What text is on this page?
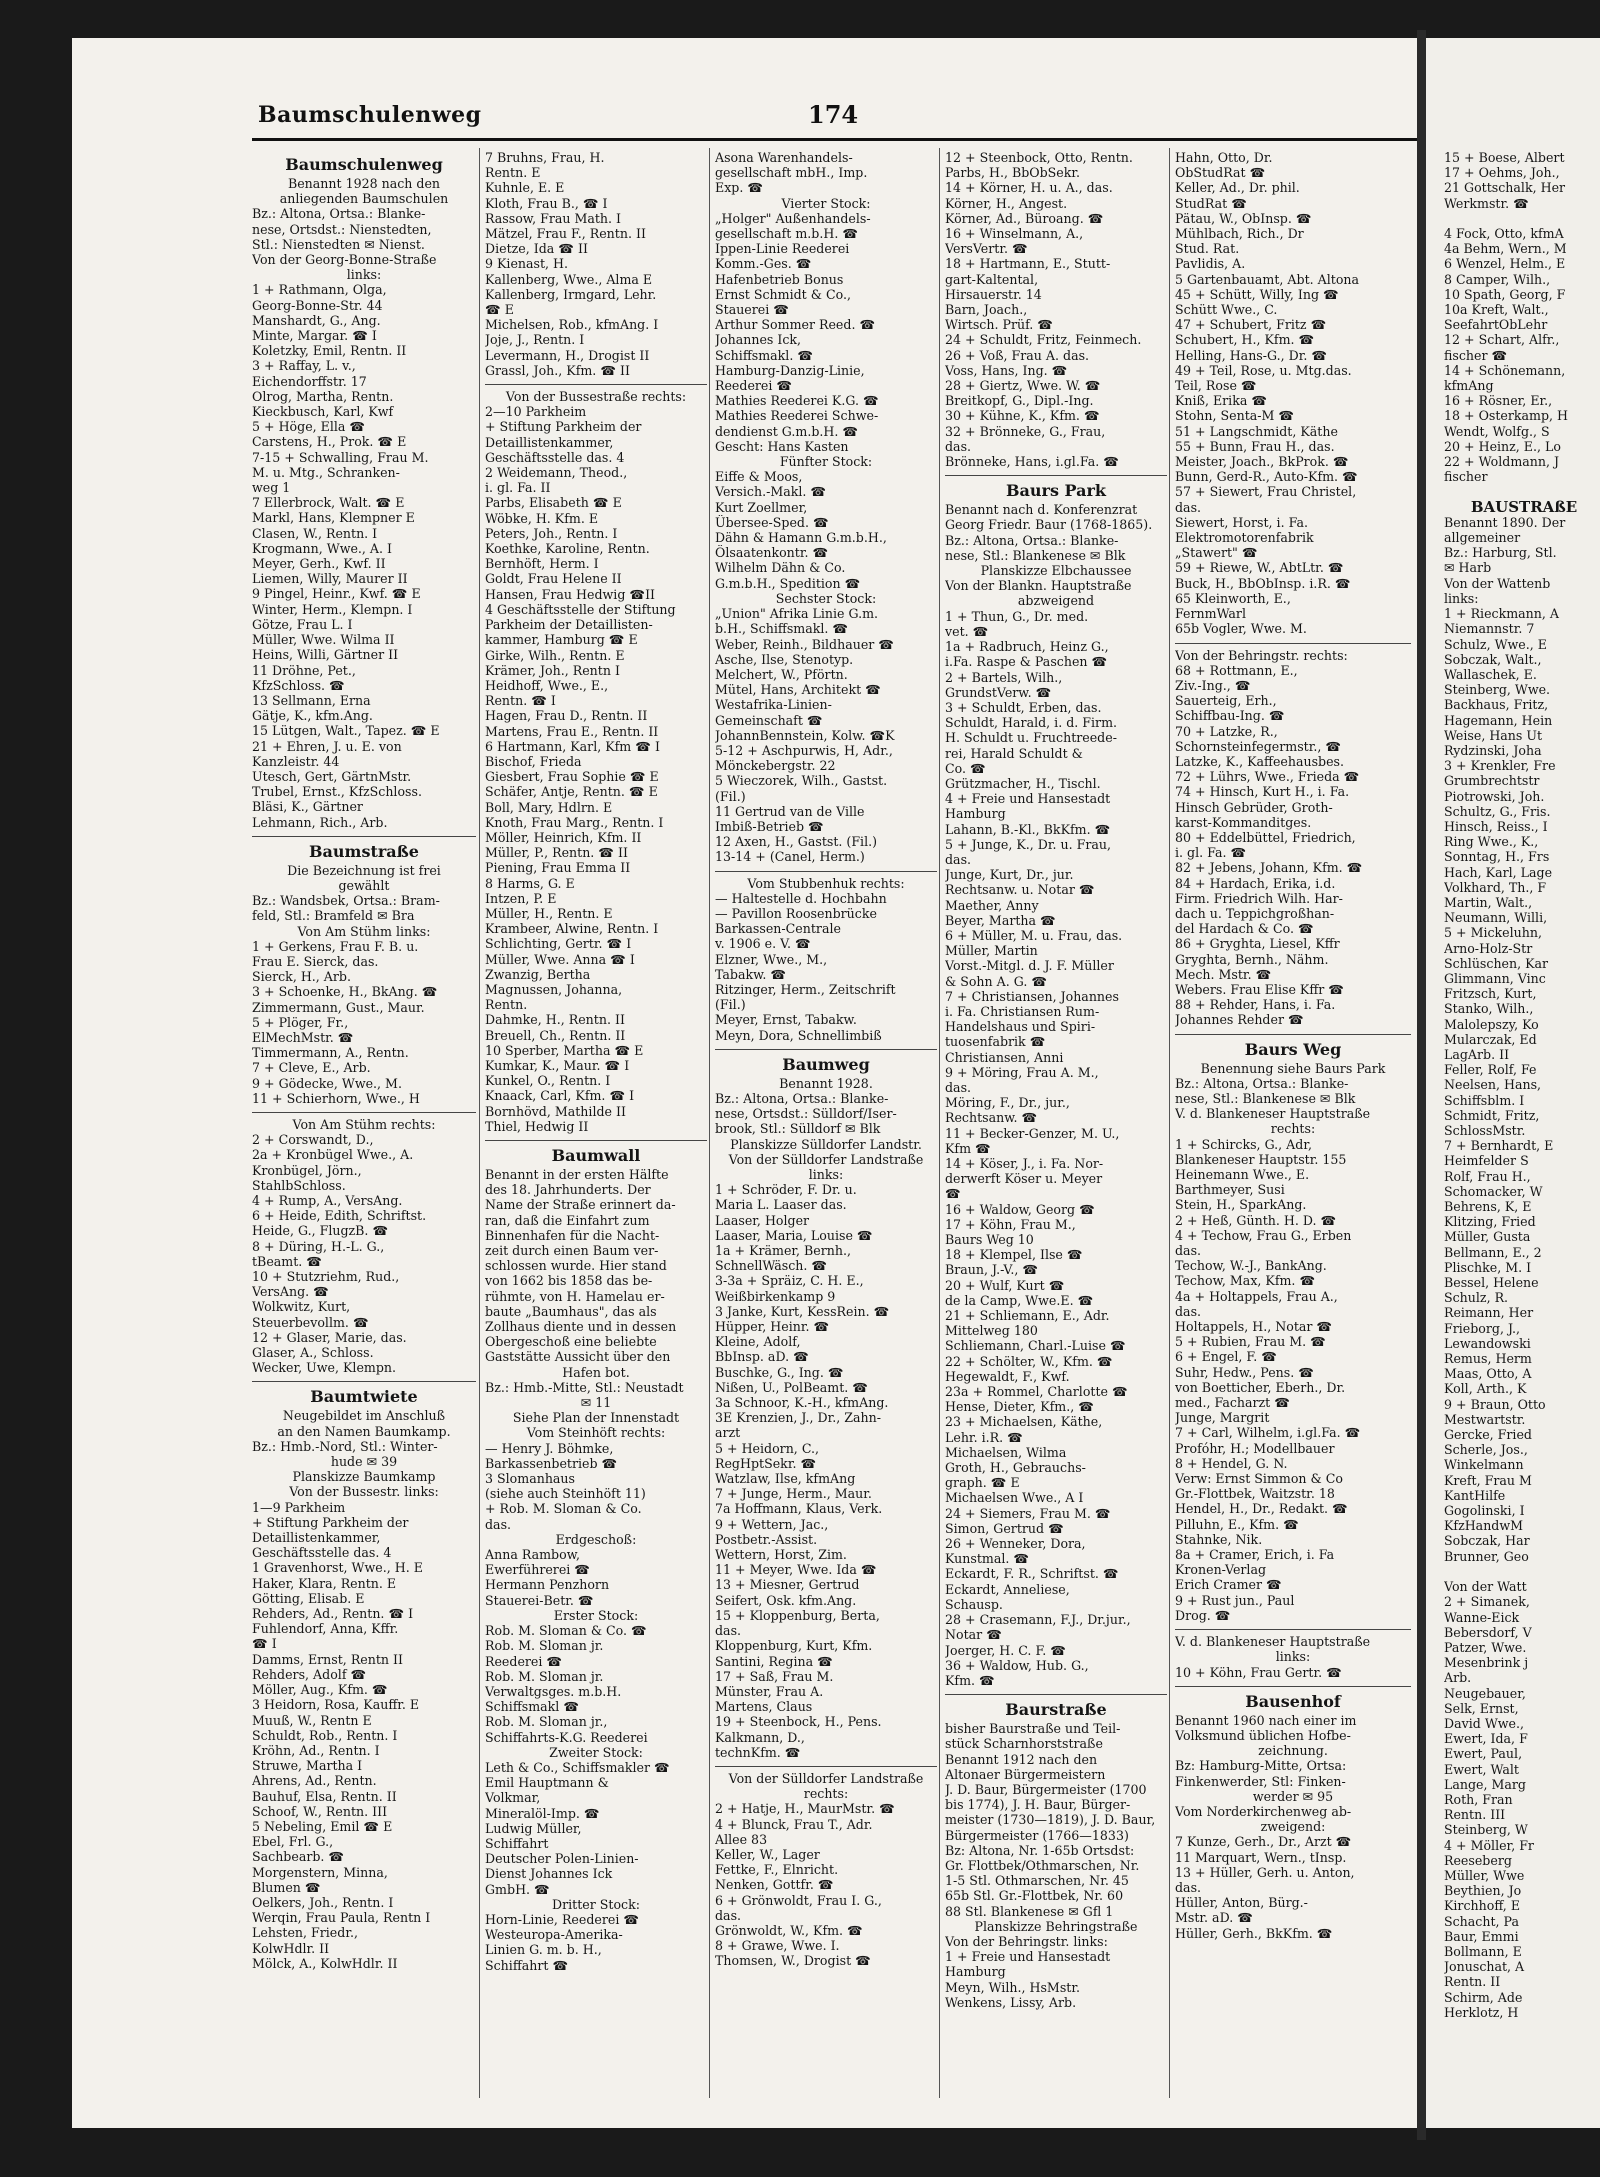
Baumschulenweg	174
Baumschulenweg
Benannt 1928 nach den
anliegenden Baumschulen
Bz.: Altona, Ortsa.: Blanke-
nese, Ortsdst.: Nienstedten,
Stl.: Nienstedten ✉ Nienst.
Von der Georg-Bonne-Straße
links:
1 + Rathmann, Olga,
Georg-Bonne-Str. 44
Manshardt, G., Ang.
Minte, Margar. ☎ I
Koletzky, Emil, Rentn. II
3 + Raffay, L. v.,
Eichendorffstr. 17
Olrog, Martha, Rentn.
Kieckbusch, Karl, Kwf
5 + Höge, Ella ☎
Carstens, H., Prok. ☎ E
7-15 + Schwalling, Frau M.
M. u. Mtg., Schranken-
weg 1
7 Ellerbrock, Walt. ☎ E
Markl, Hans, Klempner E
Clasen, W., Rentn. I
Krogmann, Wwe., A. I
Meyer, Gerh., Kwf. II
Liemen, Willy, Maurer II
9 Pingel, Heinr., Kwf. ☎ E
Winter, Herm., Klempn. I
Götze, Frau L. I
Müller, Wwe. Wilma II
Heins, Willi, Gärtner II
11 Dröhne, Pet.,
KfzSchloss. ☎
13 Sellmann, Erna
Gätje, K., kfm.Ang.
15 Lütgen, Walt., Tapez. ☎ E
21 + Ehren, J. u. E. von
Kanzleistr. 44
Utesch, Gert, GärtnMstr.
Trubel, Ernst., KfzSchloss.
Bläsi, K., Gärtner
Lehmann, Rich., Arb.
Baumstraße
Die Bezeichnung ist frei
gewählt
Bz.: Wandsbek, Ortsa.: Bram-
feld, Stl.: Bramfeld ✉ Bra
Von Am Stühm links:
1 + Gerkens, Frau F. B. u.
Frau E. Sierck, das.
Sierck, H., Arb.
3 + Schoenke, H., BkAng. ☎
Zimmermann, Gust., Maur.
5 + Plöger, Fr.,
ElMechMstr. ☎
Timmermann, A., Rentn.
7 + Cleve, E., Arb.
9 + Gödecke, Wwe., M.
11 + Schierhorn, Wwe., H
Von Am Stühm rechts:
2 + Corswandt, D.,
2a + Kronbügel Wwe., A.
Kronbügel, Jörn.,
StahlbSchloss.
4 + Rump, A., VersAng.
6 + Heide, Edith, Schriftst.
Heide, G., FlugzB. ☎
8 + Düring, H.-L. G.,
tBeamt. ☎
10 + Stutzriehm, Rud.,
VersAng. ☎
Wolkwitz, Kurt,
Steuerbevollm. ☎
12 + Glaser, Marie, das.
Glaser, A., Schloss.
Wecker, Uwe, Klempn.
Baumtwiete
Neugebildet im Anschluß
an den Namen Baumkamp.
Bz.: Hmb.-Nord, Stl.: Winter-
hude ✉ 39
Planskizze Baumkamp
Von der Bussestr. links:
1—9 Parkheim
+ Stiftung Parkheim der
Detaillistenkammer,
Geschäftsstelle das. 4
1 Gravenhorst, Wwe., H. E
Haker, Klara, Rentn. E
Götting, Elisab. E
Rehders, Ad., Rentn. ☎ I
Fuhlendorf, Anna, Kffr.
☎ I
Damms, Ernst, Rentn II
Rehders, Adolf ☎
Möller, Aug., Kfm. ☎
3 Heidorn, Rosa, Kauffr. E
Muuß, W., Rentn E
Schuldt, Rob., Rentn. I
Kröhn, Ad., Rentn. I
Struwe, Martha I
Ahrens, Ad., Rentn.
Bauhuf, Elsa, Rentn. II
Schoof, W., Rentn. III
5 Nebeling, Emil ☎ E
Ebel, Frl. G.,
Sachbearb. ☎
Morgenstern, Minna,
Blumen ☎
Oelkers, Joh., Rentn. I
Werqin, Frau Paula, Rentn I
Lehsten, Friedr.,
KolwHdlr. II
Mölck, A., KolwHdlr. II
7 Bruhns, Frau, H.
Rentn. E
Kuhnle, E. E
Kloth, Frau B., ☎ I
Rassow, Frau Math. I
Mätzel, Frau F., Rentn. II
Dietze, Ida ☎ II
9 Kienast, H.
Kallenberg, Wwe., Alma E
Kallenberg, Irmgard, Lehr.
☎ E
Michelsen, Rob., kfmAng. I
Joje, J., Rentn. I
Levermann, H., Drogist II
Grassl, Joh., Kfm. ☎ II
Von der Bussestraße rechts:
2—10 Parkheim
+ Stiftung Parkheim der
Detaillistenkammer,
Geschäftsstelle das. 4
2 Weidemann, Theod.,
i. gl. Fa. II
Parbs, Elisabeth ☎ E
Wöbke, H. Kfm. E
Peters, Joh., Rentn. I
Koethke, Karoline, Rentn.
Bernhöft, Herm. I
Goldt, Frau Helene II
Hansen, Frau Hedwig ☎II
4 Geschäftsstelle der Stiftung
Parkheim der Detaillisten-
kammer, Hamburg ☎ E
Girke, Wilh., Rentn. E
Krämer, Joh., Rentn I
Heidhoff, Wwe., E.,
Rentn. ☎ I
Hagen, Frau D., Rentn. II
Martens, Frau E., Rentn. II
6 Hartmann, Karl, Kfm ☎ I
Bischof, Frieda
Giesbert, Frau Sophie ☎ E
Schäfer, Antje, Rentn. ☎ E
Boll, Mary, Hdlrn. E
Knoth, Frau Marg., Rentn. I
Möller, Heinrich, Kfm. II
Müller, P., Rentn. ☎ II
Piening, Frau Emma II
8 Harms, G. E
Intzen, P. E
Müller, H., Rentn. E
Krambeer, Alwine, Rentn. I
Schlichting, Gertr. ☎ I
Müller, Wwe. Anna ☎ I
Zwanzig, Bertha
Magnussen, Johanna,
Rentn.
Dahmke, H., Rentn. II
Breuell, Ch., Rentn. II
10 Sperber, Martha ☎ E
Kumkar, K., Maur. ☎ I
Kunkel, O., Rentn. I
Knaack, Carl, Kfm. ☎ I
Bornhövd, Mathilde II
Thiel, Hedwig II
Baumwall
Benannt in der ersten Hälfte
des 18. Jahrhunderts. Der
Name der Straße erinnert da-
ran, daß die Einfahrt zum
Binnenhafen für die Nacht-
zeit durch einen Baum ver-
schlossen wurde. Hier stand
von 1662 bis 1858 das be-
rühmte, von H. Hamelau er-
baute „Baumhaus", das als
Zollhaus diente und in dessen
Obergeschoß eine beliebte
Gaststätte Aussicht über den
Hafen bot.
Bz.: Hmb.-Mitte, Stl.: Neustadt
✉ 11
Siehe Plan der Innenstadt
Vom Steinhöft rechts:
— Henry J. Böhmke,
Barkassenbetrieb ☎
3 Slomanhaus
(siehe auch Steinhöft 11)
+ Rob. M. Sloman & Co.
das.
Erdgeschoß:
Anna Rambow,
Ewerführerei ☎
Hermann Penzhorn
Stauerei-Betr. ☎
Erster Stock:
Rob. M. Sloman & Co. ☎
Rob. M. Sloman jr.
Reederei ☎
Rob. M. Sloman jr.
Verwaltgsges. m.b.H.
Schiffsmakl ☎
Rob. M. Sloman jr.,
Schiffahrts-K.G. Reederei
Zweiter Stock:
Leth & Co., Schiffsmakler ☎
Emil Hauptmann &
Volkmar,
Mineralöl-Imp. ☎
Ludwig Müller,
Schiffahrt
Deutscher Polen-Linien-
Dienst Johannes Ick
GmbH. ☎
Dritter Stock:
Horn-Linie, Reederei ☎
Westeuropa-Amerika-
Linien G. m. b. H.,
Schiffahrt ☎
Asona Warenhandels-
gesellschaft mbH., Imp.
Exp. ☎
Vierter Stock:
„Holger" Außenhandels-
gesellschaft m.b.H. ☎
Ippen-Linie Reederei
Komm.-Ges. ☎
Hafenbetrieb Bonus
Ernst Schmidt & Co.,
Stauerei ☎
Arthur Sommer Reed. ☎
Johannes Ick,
Schiffsmakl. ☎
Hamburg-Danzig-Linie,
Reederei ☎
Mathies Reederei K.G. ☎
Mathies Reederei Schwe-
dendienst G.m.b.H. ☎
Gescht: Hans Kasten
Fünfter Stock:
Eiffe & Moos,
Versich.-Makl. ☎
Kurt Zoellmer,
Übersee-Sped. ☎
Dähn & Hamann G.m.b.H.,
Ölsaatenkontr. ☎
Wilhelm Dähn & Co.
G.m.b.H., Spedition ☎
Sechster Stock:
„Union" Afrika Linie G.m.
b.H., Schiffsmakl. ☎
Weber, Reinh., Bildhauer ☎
Asche, Ilse, Stenotyp.
Melchert, W., Pförtn.
Mütel, Hans, Architekt ☎
Westafrika-Linien-
Gemeinschaft ☎
JohannBennstein, Kolw. ☎K
5-12 + Aschpurwis, H, Adr.,
Mönckebergstr. 22
5 Wieczorek, Wilh., Gastst.
(Fil.)
11 Gertrud van de Ville
Imbiß-Betrieb ☎
12 Axen, H., Gastst. (Fil.)
13-14 + (Canel, Herm.)
Vom Stubbenhuk rechts:
— Haltestelle d. Hochbahn
— Pavillon Roosenbrücke
Barkassen-Centrale
v. 1906 e. V. ☎
Elzner, Wwe., M.,
Tabakw. ☎
Ritzinger, Herm., Zeitschrift
(Fil.)
Meyer, Ernst, Tabakw.
Meyn, Dora, Schnellimbiß
Baumweg
Benannt 1928.
Bz.: Altona, Ortsa.: Blanke-
nese, Ortsdst.: Sülldorf/Iser-
brook, Stl.: Sülldorf ✉ Blk
Planskizze Sülldorfer Landstr.
Von der Sülldorfer Landstraße
links:
1 + Schröder, F. Dr. u.
Maria L. Laaser das.
Laaser, Holger
Laaser, Maria, Louise ☎
1a + Krämer, Bernh.,
SchnellWäsch. ☎
3-3a + Spräiz, C. H. E.,
Weißbirkenkamp 9
3 Janke, Kurt, KessRein. ☎
Hüpper, Heinr. ☎
Kleine, Adolf,
BbInsp. aD. ☎
Buschke, G., Ing. ☎
Nißen, U., PolBeamt. ☎
3a Schnoor, K.-H., kfmAng.
3E Krenzien, J., Dr., Zahn-
arzt
5 + Heidorn, C.,
RegHptSekr. ☎
Watzlaw, Ilse, kfmAng
7 + Junge, Herm., Maur.
7a Hoffmann, Klaus, Verk.
9 + Wettern, Jac.,
Postbetr.-Assist.
Wettern, Horst, Zim.
11 + Meyer, Wwe. Ida ☎
13 + Miesner, Gertrud
Seifert, Osk. kfm.Ang.
15 + Kloppenburg, Berta,
das.
Kloppenburg, Kurt, Kfm.
Santini, Regina ☎
17 + Saß, Frau M.
Münster, Frau A.
Martens, Claus
19 + Steenbock, H., Pens.
Kalkmann, D.,
technKfm. ☎
Von der Sülldorfer Landstraße
rechts:
2 + Hatje, H., MaurMstr. ☎
4 + Blunck, Frau T., Adr.
Allee 83
Keller, W., Lager
Fettke, F., Elnricht.
Nenken, Gottfr. ☎
6 + Grönwoldt, Frau I. G.,
das.
Grönwoldt, W., Kfm. ☎
8 + Grawe, Wwe. I.
Thomsen, W., Drogist ☎
12 + Steenbock, Otto, Rentn.
Parbs, H., BbObSekr.
14 + Körner, H. u. A., das.
Körner, H., Angest.
Körner, Ad., Büroang. ☎
16 + Winselmann, A.,
VersVertr. ☎
18 + Hartmann, E., Stutt-
gart-Kaltental,
Hirsauerstr. 14
Barn, Joach.,
Wirtsch. Prüf. ☎
24 + Schuldt, Fritz, Feinmech.
26 + Voß, Frau A. das.
Voss, Hans, Ing. ☎
28 + Giertz, Wwe. W. ☎
Breitkopf, G., Dipl.-Ing.
30 + Kühne, K., Kfm. ☎
32 + Brönneke, G., Frau,
das.
Brönneke, Hans, i.gl.Fa. ☎
Baurs Park
Benannt nach d. Konferenzrat
Georg Friedr. Baur (1768-1865).
Bz.: Altona, Ortsa.: Blanke-
nese, Stl.: Blankenese ✉ Blk
Planskizze Elbchaussee
Von der Blankn. Hauptstraße
abzweigend
1 + Thun, G., Dr. med.
vet. ☎
1a + Radbruch, Heinz G.,
i.Fa. Raspe & Paschen ☎
2 + Bartels, Wilh.,
GrundstVerw. ☎
3 + Schuldt, Erben, das.
Schuldt, Harald, i. d. Firm.
H. Schuldt u. Fruchtreede-
rei, Harald Schuldt &
Co. ☎
Grützmacher, H., Tischl.
4 + Freie und Hansestadt
Hamburg
Lahann, B.-Kl., BkKfm. ☎
5 + Junge, K., Dr. u. Frau,
das.
Junge, Kurt, Dr., jur.
Rechtsanw. u. Notar ☎
Maether, Anny
Beyer, Martha ☎
6 + Müller, M. u. Frau, das.
Müller, Martin
Vorst.-Mitgl. d. J. F. Müller
& Sohn A. G. ☎
7 + Christiansen, Johannes
i. Fa. Christiansen Rum-
Handelshaus und Spiri-
tuosenfabrik ☎
Christiansen, Anni
9 + Möring, Frau A. M.,
das.
Möring, F., Dr., jur.,
Rechtsanw. ☎
11 + Becker-Genzer, M. U.,
Kfm ☎
14 + Köser, J., i. Fa. Nor-
derwerft Köser u. Meyer
☎
16 + Waldow, Georg ☎
17 + Köhn, Frau M.,
Baurs Weg 10
18 + Klempel, Ilse ☎
Braun, J.-V., ☎
20 + Wulf, Kurt ☎
de la Camp, Wwe.E. ☎
21 + Schliemann, E., Adr.
Mittelweg 180
Schliemann, Charl.-Luise ☎
22 + Schölter, W., Kfm. ☎
Hegewaldt, F., Kwf.
23a + Rommel, Charlotte ☎
Hense, Dieter, Kfm., ☎
23 + Michaelsen, Käthe,
Lehr. i.R. ☎
Michaelsen, Wilma
Groth, H., Gebrauchs-
graph. ☎ E
Michaelsen Wwe., A I
24 + Siemers, Frau M. ☎
Simon, Gertrud ☎
26 + Wenneker, Dora,
Kunstmal. ☎
Eckardt, F. R., Schriftst. ☎
Eckardt, Anneliese,
Schausp.
28 + Crasemann, F.J., Dr.jur.,
Notar ☎
Joerger, H. C. F. ☎
36 + Waldow, Hub. G.,
Kfm. ☎
Baurstraße
bisher Baurstraße und Teil-
stück Scharnhorststraße
Benannt 1912 nach den
Altonaer Bürgermeistern
J. D. Baur, Bürgermeister (1700
bis 1774), J. H. Baur, Bürger-
meister (1730—1819), J. D. Baur,
Bürgermeister (1766—1833)
Bz: Altona, Nr. 1-65b Ortsdst:
Gr. Flottbek/Othmarschen, Nr.
1-5 Stl. Othmarschen, Nr. 45
65b Stl. Gr.-Flottbek, Nr. 60
88 Stl. Blankenese ✉ Gfl 1
Planskizze Behringstraße
Von der Behringstr. links:
1 + Freie und Hansestadt
Hamburg
Meyn, Wilh., HsMstr.
Wenkens, Lissy, Arb.
Hahn, Otto, Dr.
ObStudRat ☎
Keller, Ad., Dr. phil.
StudRat ☎
Pätau, W., ObInsp. ☎
Mühlbach, Rich., Dr
Stud. Rat.
Pavlidis, A.
5 Gartenbauamt, Abt. Altona
45 + Schütt, Willy, Ing ☎
Schütt Wwe., C.
47 + Schubert, Fritz ☎
Schubert, H., Kfm. ☎
Helling, Hans-G., Dr. ☎
49 + Teil, Rose, u. Mtg.das.
Teil, Rose ☎
Kniß, Erika ☎
Stohn, Senta-M ☎
51 + Langschmidt, Käthe
55 + Bunn, Frau H., das.
Meister, Joach., BkProk. ☎
Bunn, Gerd-R., Auto-Kfm. ☎
57 + Siewert, Frau Christel,
das.
Siewert, Horst, i. Fa.
Elektromotorenfabrik
„Stawert" ☎
59 + Riewe, W., AbtLtr. ☎
Buck, H., BbObInsp. i.R. ☎
65 Kleinworth, E.,
FernmWarl
65b Vogler, Wwe. M.
Von der Behringstr. rechts:
68 + Rottmann, E.,
Ziv.-Ing., ☎
Sauerteig, Erh.,
Schiffbau-Ing. ☎
70 + Latzke, R.,
Schornsteinfegermstr., ☎
Latzke, K., Kaffeehausbes.
72 + Lührs, Wwe., Frieda ☎
74 + Hinsch, Kurt H., i. Fa.
Hinsch Gebrüder, Groth-
karst-Kommanditges.
80 + Eddelbüttel, Friedrich,
i. gl. Fa. ☎
82 + Jebens, Johann, Kfm. ☎
84 + Hardach, Erika, i.d.
Firm. Friedrich Wilh. Har-
dach u. Teppichgroßhan-
del Hardach & Co. ☎
86 + Gryghta, Liesel, Kffr
Gryghta, Bernh., Nähm.
Mech. Mstr. ☎
Webers. Frau Elise Kffr ☎
88 + Rehder, Hans, i. Fa.
Johannes Rehder ☎
Baurs Weg
Benennung siehe Baurs Park
Bz.: Altona, Ortsa.: Blanke-
nese, Stl.: Blankenese ✉ Blk
V. d. Blankeneser Hauptstraße
rechts:
1 + Schircks, G., Adr,
Blankeneser Hauptstr. 155
Heinemann Wwe., E.
Barthmeyer, Susi
Stein, H., SparkAng.
2 + Heß, Günth. H. D. ☎
4 + Techow, Frau G., Erben
das.
Techow, W.-J., BankAng.
Techow, Max, Kfm. ☎
4a + Holtappels, Frau A.,
das.
Holtappels, H., Notar ☎
5 + Rubien, Frau M. ☎
6 + Engel, F. ☎
Suhr, Hedw., Pens. ☎
von Boetticher, Eberh., Dr.
med., Facharzt ☎
Junge, Margrit
7 + Carl, Wilhelm, i.gl.Fa. ☎
Profóhr, H.; Modellbauer
8 + Hendel, G. N.
Verw: Ernst Simmon & Co
Gr.-Flottbek, Waitzstr. 18
Hendel, H., Dr., Redakt. ☎
Pilluhn, E., Kfm. ☎
Stahnke, Nik.
8a + Cramer, Erich, i. Fa
Kronen-Verlag
Erich Cramer ☎
9 + Rust jun., Paul
Drog. ☎
V. d. Blankeneser Hauptstraße
links:
10 + Köhn, Frau Gertr. ☎
Bausenhof
Benannt 1960 nach einer im
Volksmund üblichen Hofbe-
zeichnung.
Bz: Hamburg-Mitte, Ortsa:
Finkenwerder, Stl: Finken-
werder ✉ 95
Vom Norderkirchenweg ab-
zweigend:
7 Kunze, Gerh., Dr., Arzt ☎
11 Marquart, Wern., tInsp.
13 + Hüller, Gerh. u. Anton,
das.
Hüller, Anton, Bürg.-
Mstr. aD. ☎
Hüller, Gerh., BkKfm. ☎
15 + Boese, Albert
17 + Oehms, Joh.,
21 Gottschalk, Her
Werkmstr. ☎

4 Fock, Otto, kfmA
4a Behm, Wern., M
6 Wenzel, Helm., E
8 Camper, Wilh.,
10 Spath, Georg, F
10a Kreft, Walt.,
SeefahrtObLehr
12 + Schart, Alfr.,
fischer ☎
14 + Schönemann,
kfmAng
16 + Rösner, Er.,
18 + Osterkamp, H
Wendt, Wolfg., S
20 + Heinz, E., Lo
22 + Woldmann, J
fischer

BAUSTRAßE
Benannt 1890. Der
allgemeiner
Bz.: Harburg, Stl.
✉ Harb
Von der Wattenb
links:
1 + Rieckmann, A
Niemannstr. 7
Schulz, Wwe., E
Sobczak, Walt.,
Wallaschek, E.
Steinberg, Wwe.
Backhaus, Fritz,
Hagemann, Hein
Weise, Hans Ut
Rydzinski, Joha
3 + Krenkler, Fre
Grumbrechtstr
Piotrowski, Joh.
Schultz, G., Fris.
Hinsch, Reiss., I
Ring Wwe., K.,
Sonntag, H., Frs
Hach, Karl, Lage
Volkhard, Th., F
Martin, Walt.,
Neumann, Willi,
5 + Mickeluhn,
Arno-Holz-Str
Schlüschen, Kar
Glimmann, Vinc
Fritzsch, Kurt,
Stanko, Wilh.,
Malolepszy, Ko
Mularczak, Ed
LagArb. II
Feller, Rolf, Fe
Neelsen, Hans,
Schiffsblm. I
Schmidt, Fritz,
SchlossMstr.
7 + Bernhardt, E
Heimfelder S
Rolf, Frau H.,
Schomacker, W
Behrens, K, E
Klitzing, Fried
Müller, Gusta
Bellmann, E., 2
Plischke, M. I
Bessel, Helene
Schulz, R.
Reimann, Her
Frieborg, J.,
Lewandowski
Remus, Herm
Maas, Otto, A
Koll, Arth., K
9 + Braun, Otto
Mestwartstr.
Gercke, Fried
Scherle, Jos.,
Winkelmann
Kreft, Frau M
KantHilfe
Gogolinski, I
KfzHandwM
Sobczak, Har
Brunner, Geo

Von der Watt
2 + Simanek,
Wanne-Eick
Bebersdorf, V
Patzer, Wwe.
Mesenbrink j
Arb.
Neugebauer,
Selk, Ernst,
David Wwe.,
Ewert, Ida, F
Ewert, Paul,
Ewert, Walt
Lange, Marg
Roth, Fran
Rentn. III
Steinberg, W
4 + Möller, Fr
Reeseberg
Müller, Wwe
Beythien, Jo
Kirchhoff, E
Schacht, Pa
Baur, Emmi
Bollmann, E
Jonuschat, A
Rentn. II
Schirm, Ade
Herklotz, H
